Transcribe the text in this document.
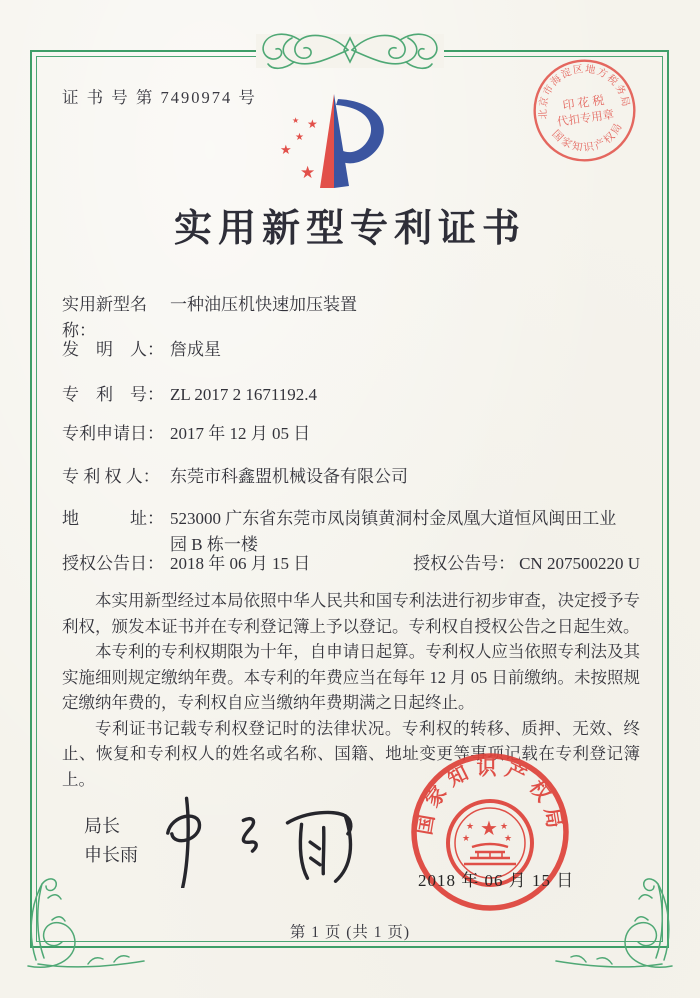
证 书 号 第 7490974 号
★
★
★
★
★
实用新型专利证书
实用新型名称：一种油压机快速加压装置
发　明　人： 詹成星
专　利　号： ZL 2017 2 1671192.4
专利申请日： 2017 年 12 月 05 日
专 利 权 人： 东莞市科鑫盟机械设备有限公司
地　　　址： 523000 广东省东莞市凤岗镇黄洞村金凤凰大道恒风闽田工业园 B 栋一楼
授权公告日： 2018 年 06 月 15 日	授权公告号： CN 207500220 U

本实用新型经过本局依照中华人民共和国专利法进行初步审查，决定授予专利权，颁发本证书并在专利登记簿上予以登记。专利权自授权公告之日起生效。

本专利的专利权期限为十年，自申请日起算。专利权人应当依照专利法及其实施细则规定缴纳年费。本专利的年费应当在每年 12 月 05 日前缴纳。未按照规定缴纳年费的，专利权自应当缴纳年费期满之日起终止。

专利证书记载专利权登记时的法律状况。专利权的转移、质押、无效、终止、恢复和专利权人的姓名或名称、国籍、地址变更等事项记载在专利登记簿上。

局长
申长雨
国家知识产权局
★
★	★
★	★
2018 年 06 月 15 日
北京市海淀区地方税务局
国家知识产权局
印 花 税
代扣专用章
第 1 页 (共 1 页)
